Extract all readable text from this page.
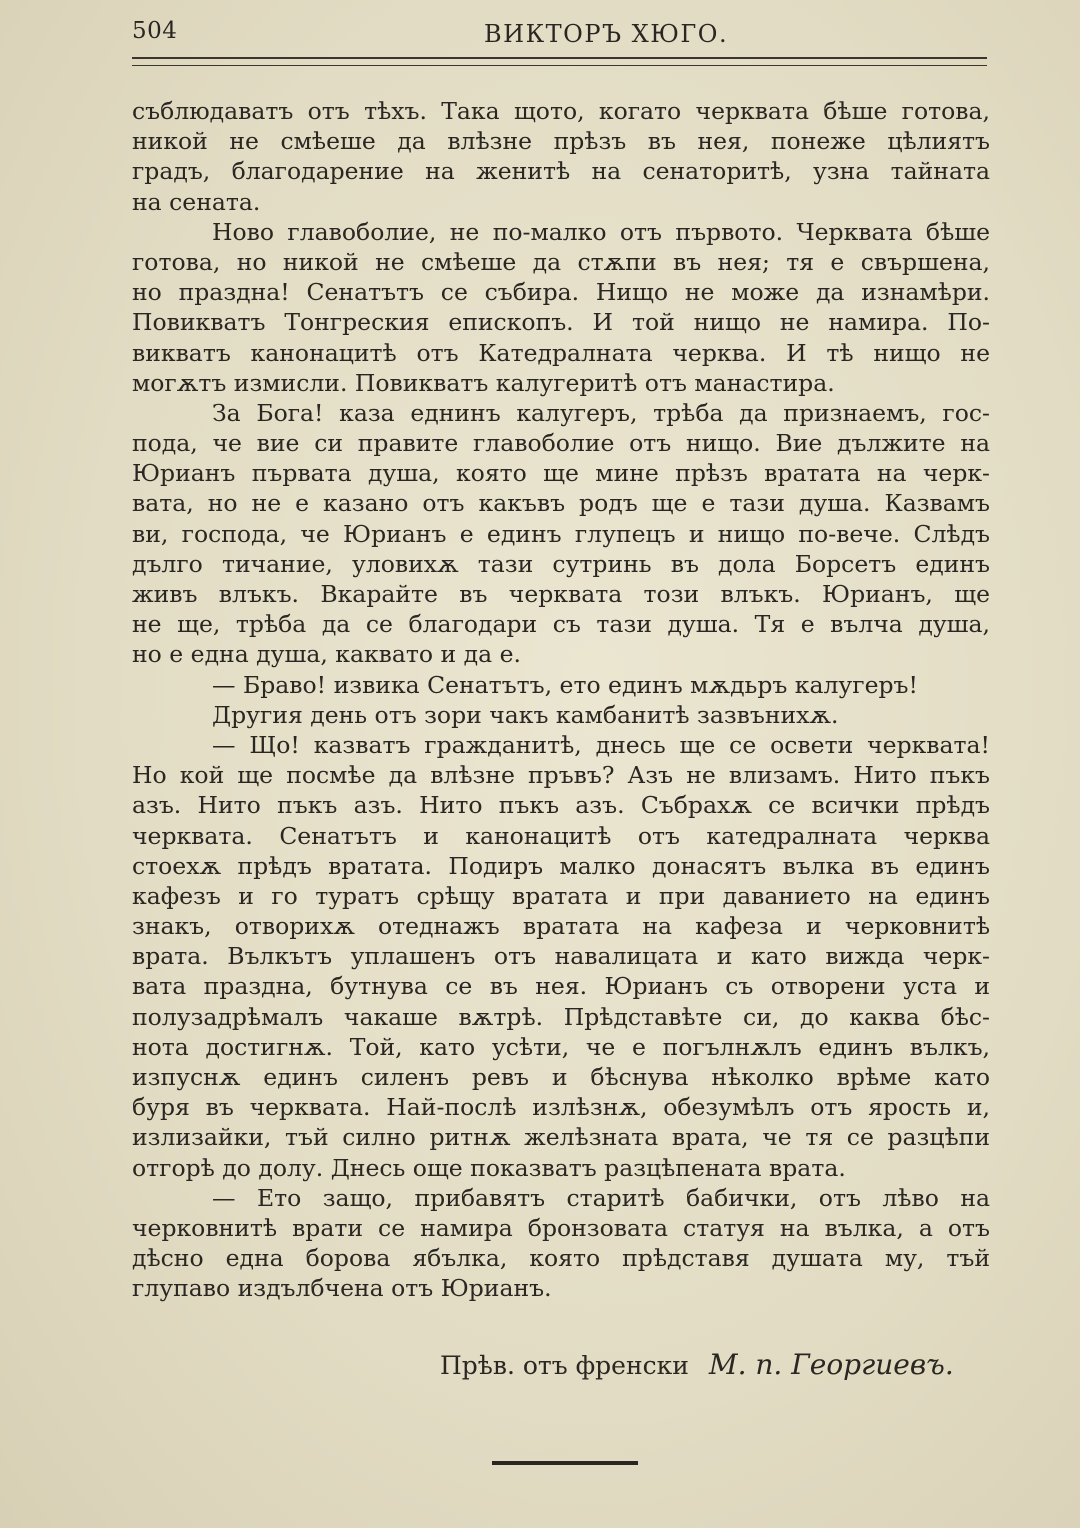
504	ВИКТОРЪ ХЮГО.
съблюдаватъ отъ тѣхъ. Така щото, когато черквата бѣше готова,
никой не смѣеше да влѣзне прѣзъ въ нея, понеже цѣлиятъ
градъ, благодарение на женитѣ на сенаторитѣ, узна тайната
на сената.
Ново главоболие, не по-малко отъ първото. Черквата бѣше
готова, но никой не смѣеше да стѫпи въ нея; тя е свършена,
но праздна! Сенатътъ се събира. Нищо не може да изнамѣри.
Повикватъ Тонгреския епископъ. И той нищо не намира. По-
викватъ канонацитѣ отъ Катедралната черква. И тѣ нищо не
могѫтъ измисли. Повикватъ калугеритѣ отъ манастира.
За Бога! каза еднинъ калугеръ, трѣба да признаемъ, гос-
пода, че вие си правите главоболие отъ нищо. Вие дължите на
Юрианъ първата душа, която ще мине прѣзъ вратата на черк-
вата, но не е казано отъ какъвъ родъ ще е тази душа. Казвамъ
ви, господа, че Юрианъ е единъ глупецъ и нищо по-вече. Слѣдъ
дълго тичание, уловихѫ тази сутринь въ дола Борсетъ единъ
живъ влъкъ. Вкарайте въ черквата този влъкъ. Юрианъ, ще
не ще, трѣба да се благодари съ тази душа. Тя е вълча душа,
но е една душа, каквато и да е.
— Браво! извика Сенатътъ, ето единъ мѫдьръ калугеръ!
Другия день отъ зори чакъ камбанитѣ зазвънихѫ.
— Що! казватъ гражданитѣ, днесь ще се освети черквата!
Но кой ще посмѣе да влѣзне пръвъ? Азъ не влизамъ. Нито пъкъ
азъ. Нито пъкъ азъ. Нито пъкъ азъ. Събрахѫ се всички прѣдъ
черквата. Сенатътъ и канонацитѣ отъ катедралната черква
стоехѫ прѣдъ вратата. Подиръ малко донасятъ вълка въ единъ
кафезъ и го туратъ срѣщу вратата и при даванието на единъ
знакъ, отворихѫ отеднажъ вратата на кафеза и черковнитѣ
врата. Вълкътъ уплашенъ отъ навалицата и като вижда черк-
вата праздна, бутнува се въ нея. Юрианъ съ отворени уста и
полузадрѣмалъ чакаше вѫтрѣ. Прѣдставѣте си, до каква бѣс-
нота достигнѫ. Той, като усѣти, че е погълнѫлъ единъ вълкъ,
изпуснѫ единъ силенъ ревъ и бѣснува нѣколко врѣме като
буря въ черквата. Най-послѣ излѣзнѫ, обезумѣлъ отъ ярость и,
излизайки, тъй силно ритнѫ желѣзната врата, че тя се разцѣпи
отгорѣ до долу. Днесь още показватъ разцѣпената врата.
— Ето защо, прибавятъ старитѣ бабички, отъ лѣво на
черковнитѣ врати се намира бронзовата статуя на вълка, а отъ
дѣсно една борова ябълка, която прѣдставя душата му, тъй
глупаво издълбчена отъ Юрианъ.
Прѣв. отъ френски М. п. Георгиевъ.
